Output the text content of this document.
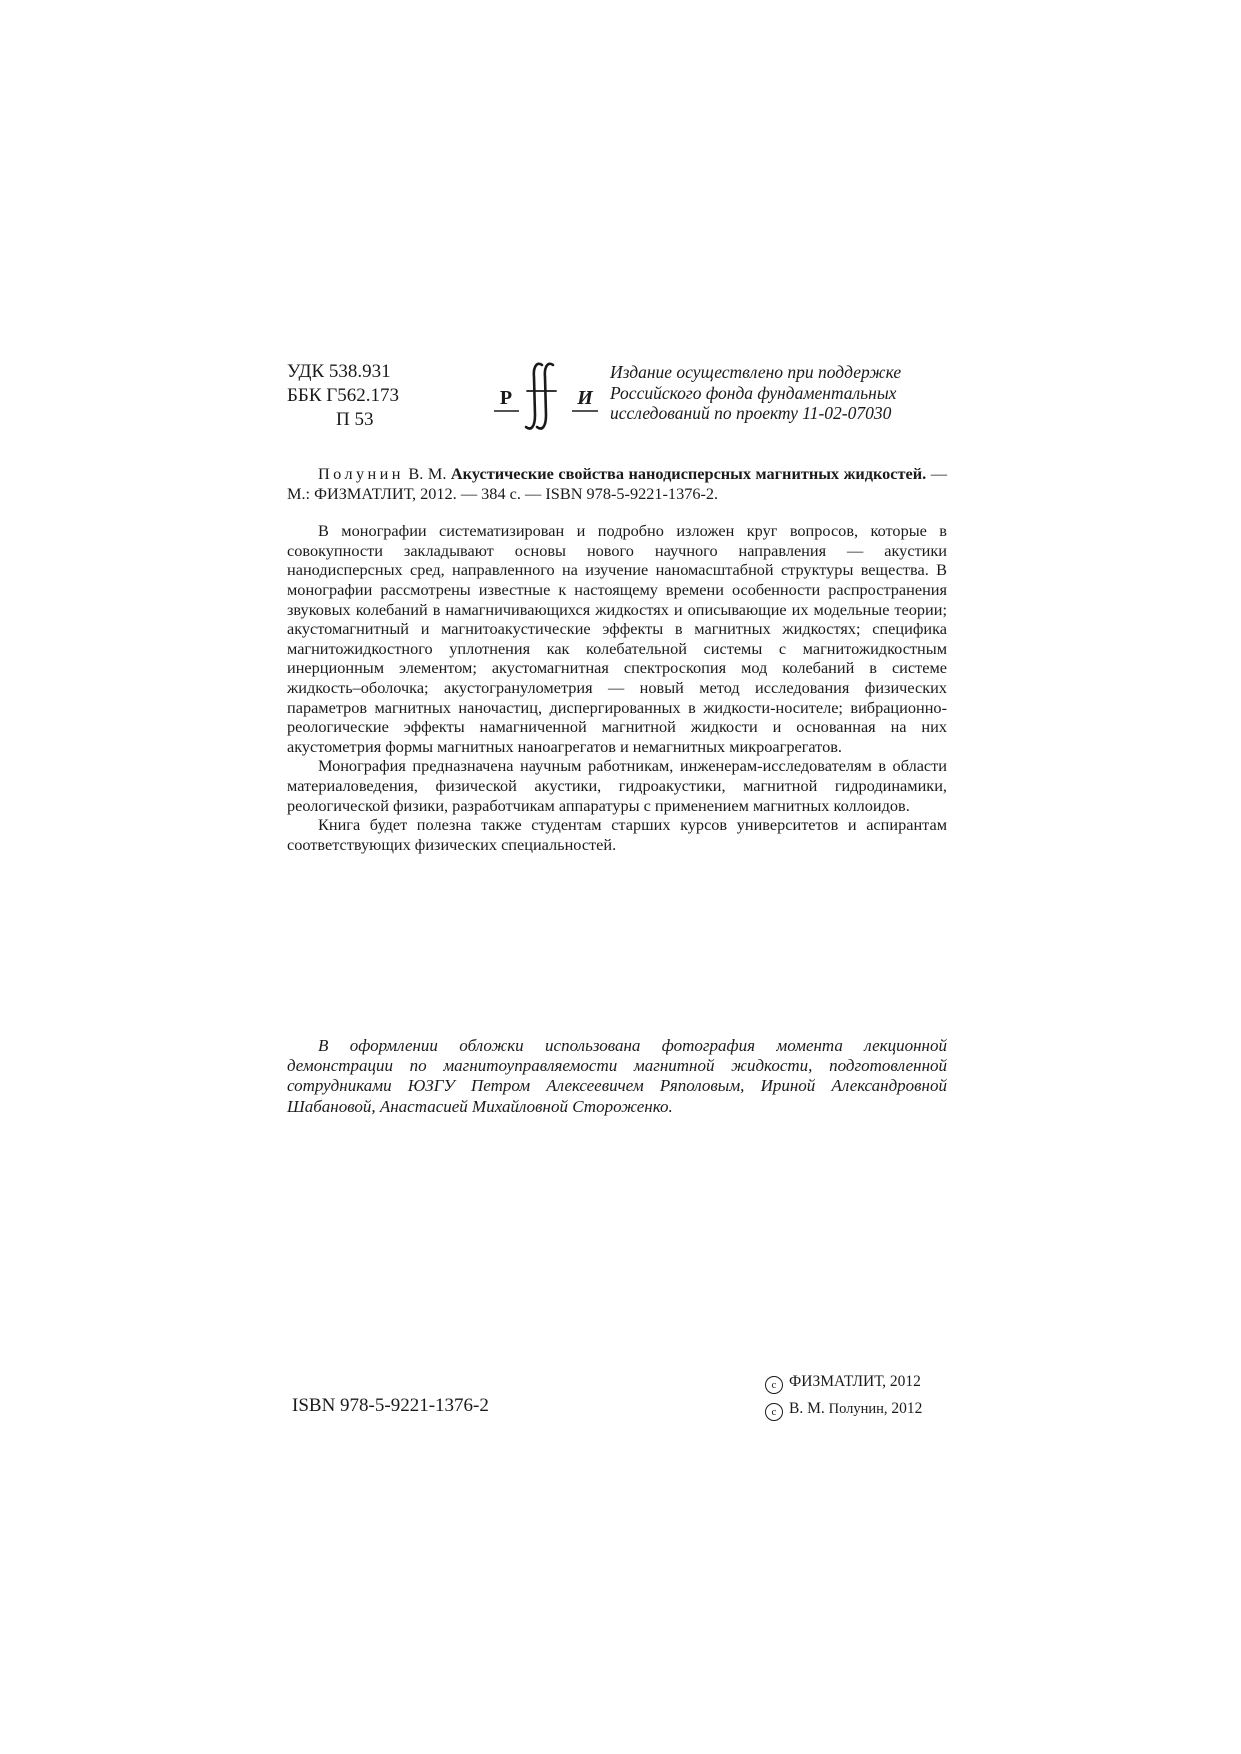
УДК 538.931
ББК Г562.173
П 53
Р	И
Издание осуществлено при поддержке
Российского фонда фундаментальных
исследований по проекту 11-02-07030

Полунин В. М. Акустические свойства нанодисперсных магнитных жидкостей. — М.: ФИЗМАТЛИТ, 2012. — 384 с. — ISBN 978-5-9221-1376-2.

В монографии систематизирован и подробно изложен круг вопросов, которые в совокупности закладывают основы нового научного направления — акустики нанодисперсных сред, направленного на изучение наномасштабной структуры вещества. В монографии рассмотрены известные к настоящему времени особенности распространения звуковых колебаний в намагничивающихся жидкостях и описывающие их модельные теории; акустомагнитный и магнитоакустические эффекты в магнитных жидкостях; специфика магнитожидкостного уплотнения как колебательной системы с магнитожидкостным инерционным элементом; акустомагнитная спектроскопия мод колебаний в системе жидкость–оболочка; акустогранулометрия — новый метод исследования физических параметров магнитных наночастиц, диспергированных в жидкости-носителе; вибрационно-реологические эффекты намагниченной магнитной жидкости и основанная на них акустометрия формы магнитных наноагрегатов и немагнитных микроагрегатов.

Монография предназначена научным работникам, инженерам-исследователям в области материаловедения, физической акустики, гидроакустики, магнитной гидродинамики, реологической физики, разработчикам аппаратуры с применением магнитных коллоидов.

Книга будет полезна также студентам старших курсов университетов и аспирантам соответствующих физических специальностей.

В оформлении обложки использована фотография момента лекционной демонстрации по магнитоуправляемости магнитной жидкости, подготовленной сотрудниками ЮЗГУ Петром Алексеевичем Ряполовым, Ириной Александровной Шабановой, Анастасией Михайловной Стороженко.

ISBN 978-5-9221-1376-2
c ФИЗМАТЛИТ, 2012
c В. М. Полунин, 2012
